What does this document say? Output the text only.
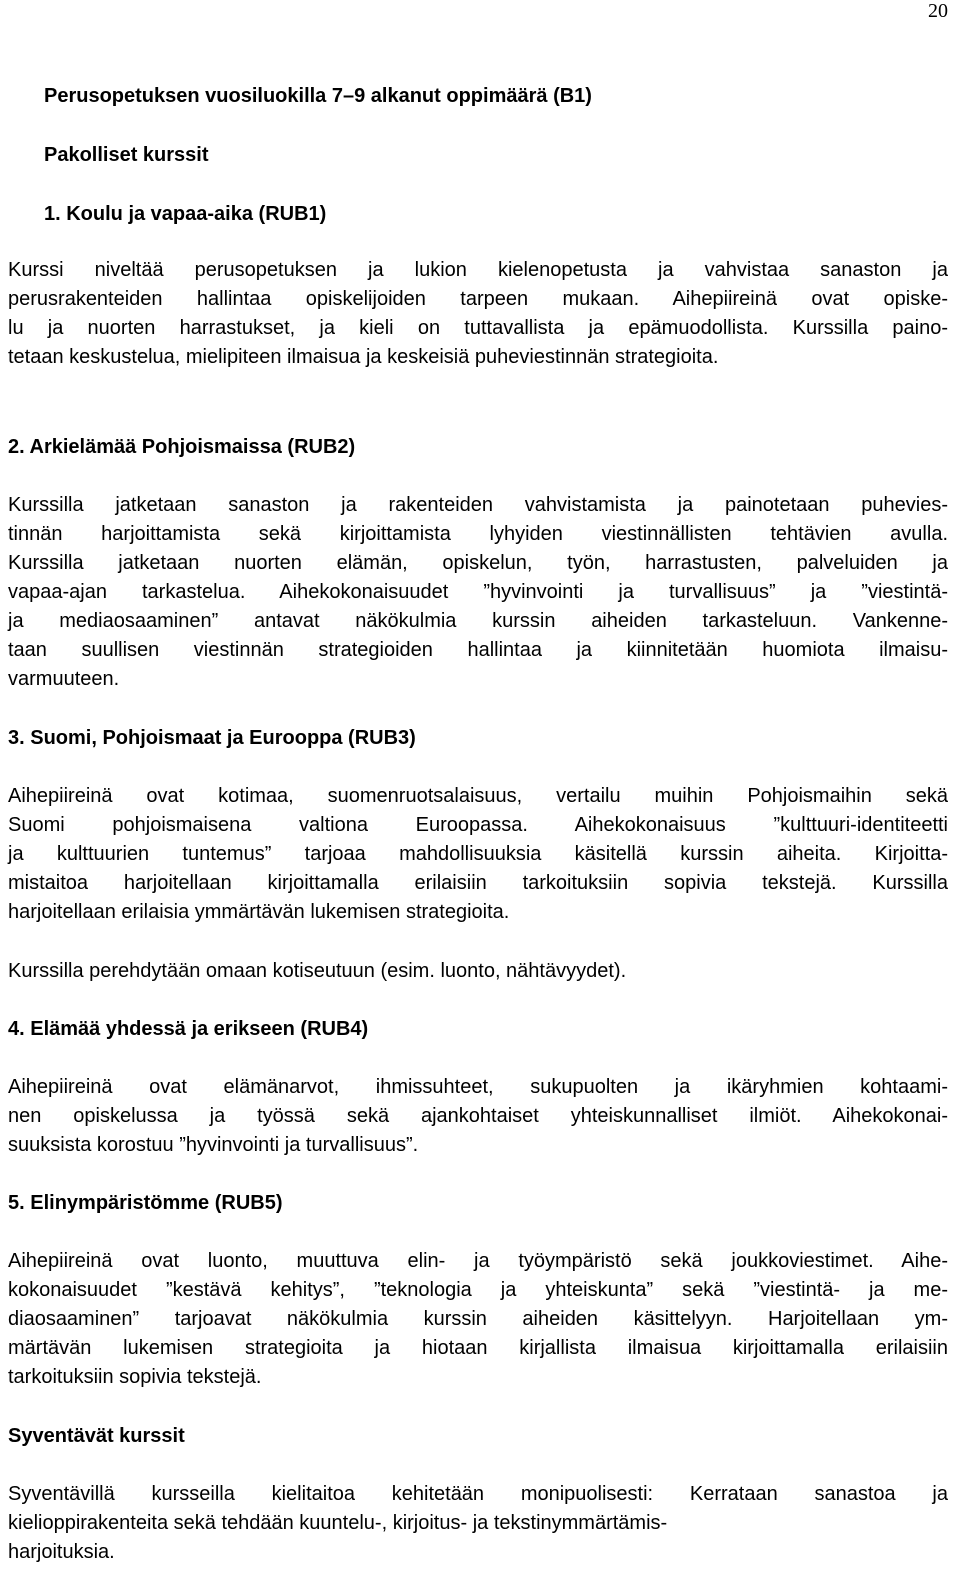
20
Perusopetuksen vuosiluokilla 7–9 alkanut oppimäärä (B1)
Pakolliset kurssit
1. Koulu ja vapaa-aika (RUB1)
Kurssi niveltää perusopetuksen ja lukion kielenopetusta ja vahvistaa sanaston ja
perusrakenteiden hallintaa opiskelijoiden tarpeen mukaan. Aihepiireinä ovat opiske-
lu ja nuorten harrastukset, ja kieli on tuttavallista ja epämuodollista. Kurssilla paino-
tetaan keskustelua, mielipiteen ilmaisua ja keskeisiä puheviestinnän strategioita.
2. Arkielämää Pohjoismaissa (RUB2)
Kurssilla jatketaan sanaston ja rakenteiden vahvistamista ja painotetaan puhevies-
tinnän harjoittamista sekä kirjoittamista lyhyiden viestinnällisten tehtävien avulla.
Kurssilla jatketaan nuorten elämän, opiskelun, työn, harrastusten, palveluiden ja
vapaa-ajan tarkastelua. Aihekokonaisuudet ”hyvinvointi ja turvallisuus” ja ”viestintä-
ja mediaosaaminen” antavat näkökulmia kurssin aiheiden tarkasteluun. Vankenne-
taan suullisen viestinnän strategioiden hallintaa ja kiinnitetään huomiota ilmaisu-
varmuuteen.
3. Suomi, Pohjoismaat ja Eurooppa (RUB3)
Aihepiireinä ovat kotimaa, suomenruotsalaisuus, vertailu muihin Pohjoismaihin sekä
Suomi pohjoismaisena valtiona Euroopassa. Aihekokonaisuus ”kulttuuri-identiteetti
ja kulttuurien tuntemus” tarjoaa mahdollisuuksia käsitellä kurssin aiheita. Kirjoitta-
mistaitoa harjoitellaan kirjoittamalla erilaisiin tarkoituksiin sopivia tekstejä. Kurssilla
harjoitellaan erilaisia ymmärtävän lukemisen strategioita.
Kurssilla perehdytään omaan kotiseutuun (esim. luonto, nähtävyydet).
4. Elämää yhdessä ja erikseen (RUB4)
Aihepiireinä ovat elämänarvot, ihmissuhteet, sukupuolten ja ikäryhmien kohtaami-
nen opiskelussa ja työssä sekä ajankohtaiset yhteiskunnalliset ilmiöt. Aihekokonai-
suuksista korostuu ”hyvinvointi ja turvallisuus”.
5. Elinympäristömme (RUB5)
Aihepiireinä ovat luonto, muuttuva elin- ja työympäristö sekä joukkoviestimet. Aihe-
kokonaisuudet ”kestävä kehitys”, ”teknologia ja yhteiskunta” sekä ”viestintä- ja me-
diaosaaminen” tarjoavat näkökulmia kurssin aiheiden käsittelyyn. Harjoitellaan ym-
märtävän lukemisen strategioita ja hiotaan kirjallista ilmaisua kirjoittamalla erilaisiin
tarkoituksiin sopivia tekstejä.
Syventävät kurssit
Syventävillä kursseilla kielitaitoa kehitetään monipuolisesti: Kerrataan sanastoa ja
kielioppirakenteita sekä tehdään kuuntelu-, kirjoitus- ja tekstinymmärtämis-
harjoituksia.
